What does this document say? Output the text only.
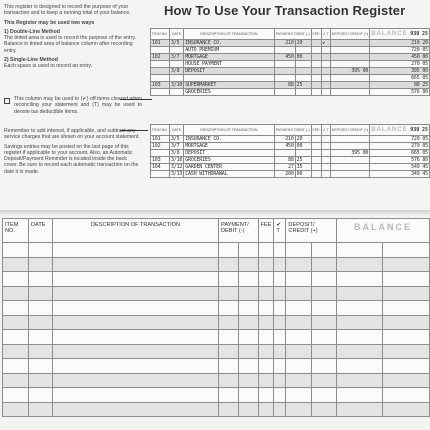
This register is designed to record the purpose of your transaction and to keep a running total of your balance.

This Register may be used two ways

1) Double-Line Method
The tinted area is used to record the purpose of the entry. Balance in tinted area of balance column after recording entry.

2) Single-Line Method
Each space is used to record an entry.

This column may be used to (✔) off items cleared when reconciling your statement and (T) may be used to denote tax deductible items.

Remember to add interest, if applicable, and subtract any service charges that are shown on your account statement.

Savings entries may be posted on the last page of this register if applicable to your account. Also, an Automatic Deposit/Payment Reminder is located inside the back cover. Be sure to record each automatic transaction on the date it is made.

How To Use Your Transaction Register
ITEM NO.	DATE	DESCRIPTION OF TRANSACTION	PAYMENT/ DEBIT (-)		FEE	✔ T	DEPOSIT/ CREDIT (+)	BALANCE 930 25
101	3/5	INSURANCE CO.	210	20		✔		210 20
		AUTO PREMIUM						720 05
102	3/7	MORTGAGE	450	00				450 00
		HOUSE PAYMENT						270 05
	3/8	DEPOSIT					395 00	395 00
								665 05
103	3/10	SUPERMARKET	88	25				88 25
		GROCERIES						576 80
ITEM NO.	DATE	DESCRIPTION OF TRANSACTION	PAYMENT/ DEBIT (-)		FEE	✔ T	DEPOSIT/ CREDIT (+)	BALANCE 930 25
101	3/5	INSURANCE CO.	210	20				720 05
102	3/7	MORTGAGE	450	00				270 05
	3/8	DEPOSIT					395 00	665 05
103	3/10	GROCERIES	88	25				576 80
104	3/12	GARDEN CENTER	27	35				549 45
	3/13	CASH WITHDRAWAL	200	00				349 45
ITEM NO.	DATE	DESCRIPTION OF TRANSACTION	PAYMENT/ DEBIT (-)		FEE	✔ T	DEPOSIT/ CREDIT (+)		BALANCE	
